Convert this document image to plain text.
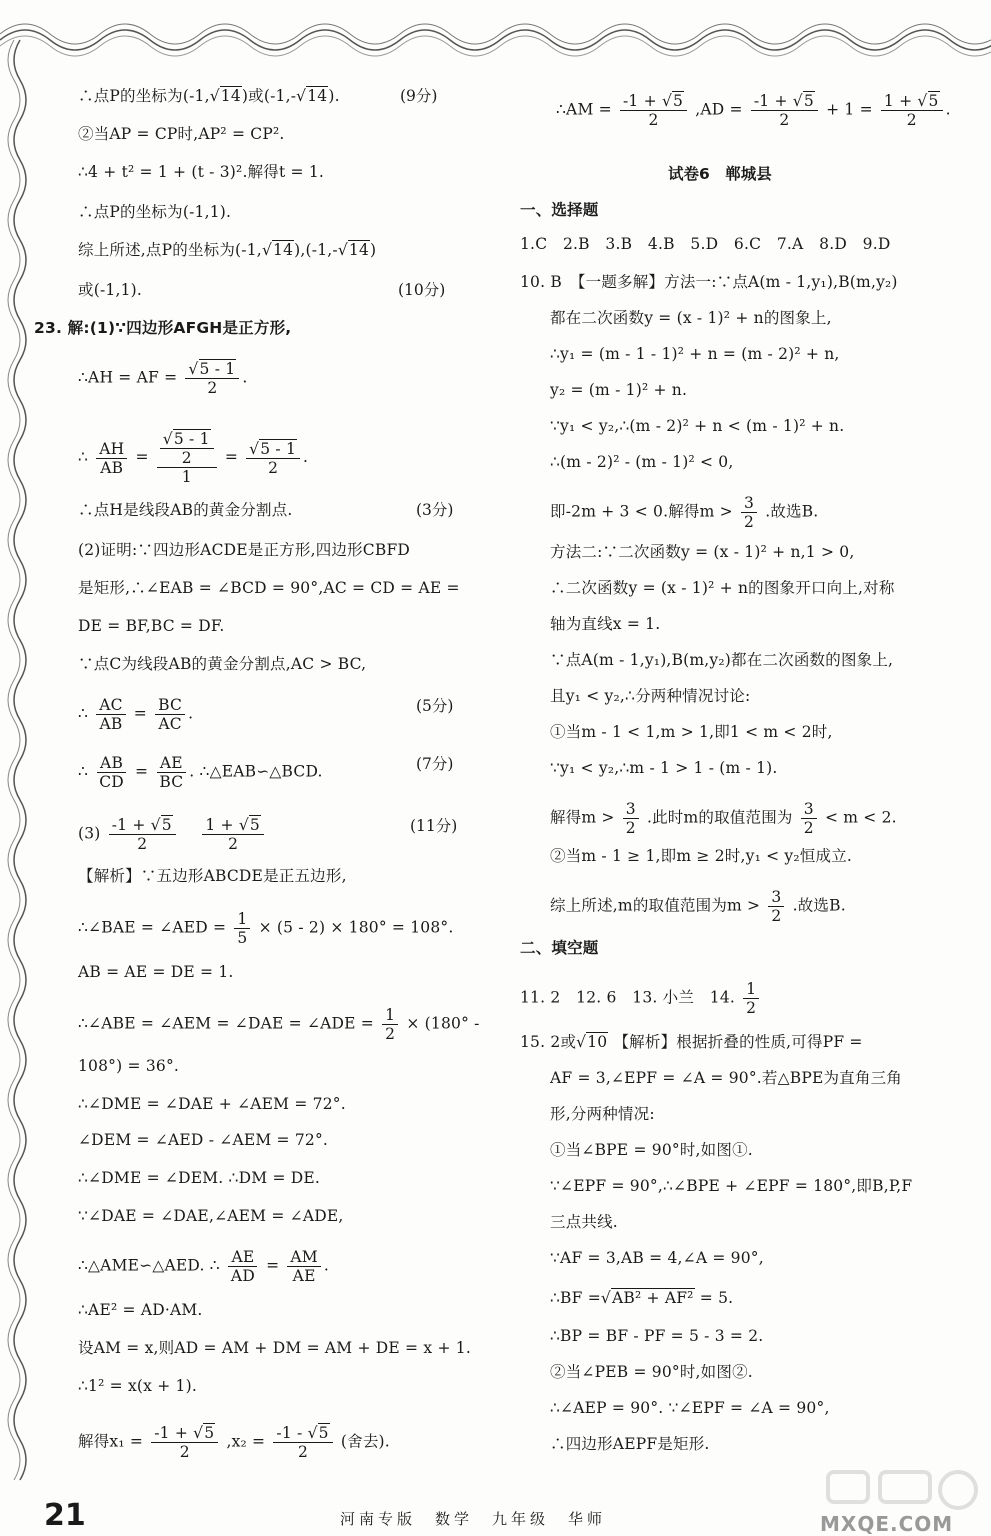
∴点P的坐标为(-1,√14)或(-1,-√14).	(9分)
②当AP = CP时,AP² = CP².
∴4 + t² = 1 + (t - 3)².解得t = 1.
∴点P的坐标为(-1,1).
综上所述,点P的坐标为(-1,√14),(-1,-√14)
或(-1,1).	(10分)
23. 解:(1)∵四边形AFGH是正方形,
∴AH = AF = $\frac{√5 - 1}{2}$ .
∴ $\frac{AH}{AB} = \frac{\frac{√5 - 1}{2}}{1} = \frac{√5 - 1}{2}$ .
∴点H是线段AB的黄金分割点.	(3分)
(2)证明:∵四边形ACDE是正方形,四边形CBFD
是矩形,∴∠EAB = ∠BCD = 90°,AC = CD = AE =
DE = BF,BC = DF.
∵点C为线段AB的黄金分割点,AC > BC,
∴ $\frac{AC}{AB} = \frac{BC}{AC}$ .	(5分)
∴ $\frac{AB}{CD} = \frac{AE}{BC}$ . ∴△EAB∽△BCD.	(7分)
$(3) \frac{-1 + √5}{2}$
$\frac{1 + √5}{2}$	(11分)
【解析】∵五边形ABCDE是正五边形,
∴∠BAE = ∠AED = $\frac{1}{5} \times (5 - 2) \times 180^\circ = 108^\circ$.
AB = AE = DE = 1.
∴∠ABE = ∠AEM = ∠DAE = ∠ADE = $\frac{1}{2} \times (180^\circ$ -
108°) = 36°.
∴∠DME = ∠DAE + ∠AEM = 72°.
∠DEM = ∠AED - ∠AEM = 72°.
∴∠DME = ∠DEM. ∴DM = DE.
∵∠DAE = ∠DAE,∠AEM = ∠ADE,
∴△AME∽△AED. ∴ $\frac{AE}{AD} = \frac{AM}{AE}$ .
∴AE² = AD·AM.
设AM = x,则AD = AM + DM = AM + DE = x + 1.
∴1² = x(x + 1).
解得$x_1 = \frac{-1 + √5}{2} ,x_2 = \frac{-1 - √5}{2}$ (舍去).
∴AM = $\frac{-1 + √5}{2} ,AD = \frac{-1 + √5}{2} + 1 = \frac{1 + √5}{2}$ .
试卷6　郸城县
一、选择题
1.C　2.B　3.B　4.B　5.D　6.C　7.A　8.D　9.D
10. B　【一题多解】方法一:∵点A(m - 1,y₁),B(m,y₂)
都在二次函数y = (x - 1)² + n的图象上,
∴y₁ = (m - 1 - 1)² + n = (m - 2)² + n,
y₂ = (m - 1)² + n.
∵y₁ < y₂,∴(m - 2)² + n < (m - 1)² + n.
∴(m - 2)² - (m - 1)² < 0,
即-2m + 3 < 0.解得$m > \frac{3}{2}$ .故选B.
方法二:∵二次函数y = (x - 1)² + n,1 > 0,
∴二次函数y = (x - 1)² + n的图象开口向上,对称
轴为直线x = 1.
∵点A(m - 1,y₁),B(m,y₂)都在二次函数的图象上,
且y₁ < y₂,∴分两种情况讨论:
①当m - 1 < 1,m > 1,即1 < m < 2时,
∵y₁ < y₂,∴m - 1 > 1 - (m - 1).
解得$m > \frac{3}{2}$ .此时m的取值范围为 $\frac{3}{2} < m < 2$.
②当m - 1 ≥ 1,即m ≥ 2时,y₁ < y₂恒成立.
综上所述,m的取值范围为$m > \frac{3}{2}$ .故选B.
二、填空题
11. 2　12. 6　13. 小兰　14. $\frac{1}{2}$
15. 2或√10 【解析】根据折叠的性质,可得PF =
AF = 3,∠EPF = ∠A = 90°.若△BPE为直角三角
形,分两种情况:
①当∠BPE = 90°时,如图①.
∵∠EPF = 90°,∴∠BPE + ∠EPF = 180°,即B,P,F
三点共线.
∵AF = 3,AB = 4,∠A = 90°,
∴BF =√AB² + AF² = 5.
∴BP = BF - PF = 5 - 3 = 2.
②当∠PEB = 90°时,如图②.
∴∠AEP = 90°. ∵∠EPF = ∠A = 90°,
∴四边形AEPF是矩形.
21	河南专版　数学　九年级　华师	MXQE.COM
